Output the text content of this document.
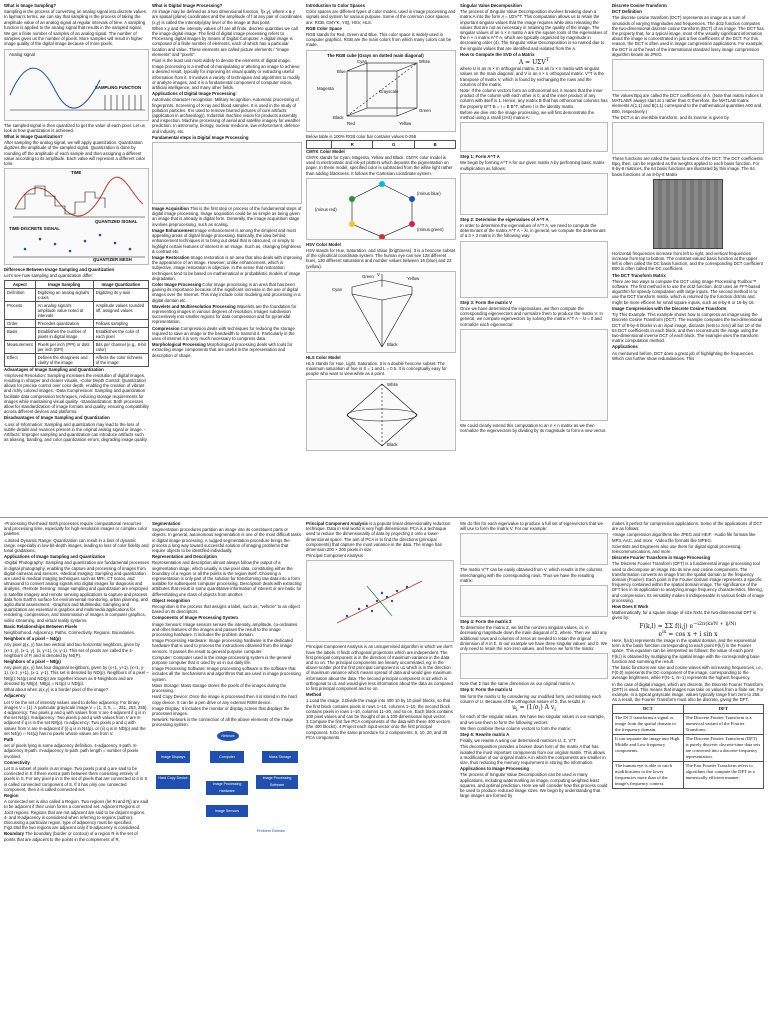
What is Image Sampling?

Sampling is the process of converting an analog signal into discrete values. In layman's terms, we can say that sampling is the process of taking the amplitude value of an analog signal at regular intervals of time. A sampling function is applied to the analog signal that results in the sampled signal.

We get a finite number of samples of an analog signal. The number of samples gives us the number of pixels. More samples will result in higher image quality of the digital image because of more pixels.

Analog signal
SAMPLING FUNCTION

The sampled signal is then quantized to get the value of each pixel. Let us look at how quantization is achieved.

What is Image Quantization?

After sampling the analog signal, we will apply quantization. Quantization digitizes the amplitude of the sampled signal. Quantization is done by rounding off the amplitude of each sample and then assigning a different value according to its amplitude. Each value will represent a different color tone.

TIME
QUANTIZED SIGNAL
TIME-DISCRETE SIGNAL
QUANTIZER MESH

Difference Between Image Sampling and Quantization

Let's see how sampling and quantization differ:

Aspect	Image Sampling	Image Quantization
Definition	Digitizing an analog signal's x-axis	Digitizing its y-axis
Process	An analog signal's amplitude value noted at intervals	Amplitude values rounded off, assigned values
Order	Precedes quantization	Follows sampling
Basis	Establishes the number of pixels in digital image	Establishes the color of each pixel
Measurement	Pixels per inch (PPI) or dots per inch (DPI)	Bits per channel (e.g., 8-bit color)
Effect	Defines the sharpness and clarity of the image	Affects the color richness of the image

Advantages of Image Sampling and Quantization

-Improved Resolution: Sampling increases the resolution of digital images, resulting in sharper and clearer visuals. -Color Depth Control: Quantization allows for precise control over color depth, enabling the creation of vibrant and richly colored images. -Data Compression: Sampling and quantization facilitate data compression techniques, reducing storage requirements for images while maintaining visual quality. -Standardization: Both processes allow for standardization of image formats and quality, ensuring compatibility across different devices and platforms.

Disadvantages of Image Sampling and Quantization

-Loss of Information: Sampling and quantization may lead to the loss of subtle details and nuances present in the original analog signal or image. -Artifacts: Improper sampling and quantization can introduce artifacts such as aliasing, banding, and color quantization errors, degrading image quality.

What is Digital Image Processing?

An image may be defined as a two dimensional function, f(x,y), where x & y are spatial (plane) coordinates and the amplitude of f at any pair of coordinates (x,y) is called the intensity/gray level of the image at that point.

When x,y and the intensity values of f are all finite, discrete quantities we call the image digital image. The field of digital image processing refers to Processing digital images by means of Digital Computer. A digital image is composed of a finite number of elements, each of which has a particular location and value. These elements are called picture elements / "image elements" and "pixels".

Pixel is the least unit most widely to denote the elements of digital image.

Image processing is a method of manipulating or altering an image to achieve a desired result, typically for improving its visual quality or extracting useful information from it. It involves a variety of techniques and algorithms to modify or analyze images, and it is a fundamental component of computer vision, artificial intelligence, and many other fields.

Applications of Digital Image Processing:

Automatic character recognition. Military recognition. Automatic processing of fingerprints. Screening of X-ray and blood samples. It is used in the study of pollution particles. It is used to remove blurred pictures of cure artifacts (application in archaeology). Industrial machine vision for products assembly and inspection. Machine processing of aerial and satellite imagery for weather prediction. In astronomy, biology, nuclear medicine, law enforcement, defence and industry, etc.

Fundamental steps in Digital Image Processing

Image Acquisition This is the first step or process of the fundamental steps of digital image processing. Image acquisition could be as simple as being given an image that is already in digital form. Generally, the image acquisition stage involves preprocessing, such as scaling.

Image Enhancement Image enhancement is among the simplest and most appealing areas of digital image processing. Basically, the idea behind enhancement techniques is to bring out detail that is obscured, or simply to highlight certain features of interest in an image. Such as, changing brightness & contrast etc.

Image Restoration Image restoration is an area that also deals with improving the appearance of an image. However, unlike enhancement, which is subjective, image restoration is objective, in the sense that restoration techniques tend to be based on mathematical or probabilistic models of image degradation.

Color Image Processing Color image processing is an area that has been gaining its importance because of the significant increase in the use of digital images over the Internet. This may include color modeling and processing in a digital domain etc.

Wavelets and Multiresolution Processing Wavelets are the foundation for representing images in various degrees of resolution. Images subdivision successively into smaller regions for data compression and for pyramidal representation.

Compression Compression deals with techniques for reducing the storage required to save an image or the bandwidth to transmit it. Particularly in the uses of internet it is very much necessary to compress data.

Morphological Processing Morphological processing deals with tools for extracting image components that are useful in the representation and description of shape.

Introduction to Color Spaces

Color spaces are different types of color modes, used in image processing and signals and system for various purpose. Some of the common color spaces are: RGB, CMY'K, YIQ, HSV, HLS.

RGB Color Space

RGB stands for Red, Green and Blue. This color space is widely used in computer graphics. RGB are the main colors from which many colors can be made.

The RGB cube (Grays on dotted main diagonal)
Blue
Cyan
Magenta
White
Black
Green
Red	Yellow
Grayscale

Below table is 100% RGB color bar contains values 0-255

	R	G	B

CMYK Color Model

CMYK stands for Cyan, Magenta, Yellow and Black. CMYK color model is used in electrostatic and ink-jet plotters which deposits the pigmentation on paper. In these model, specified color is subtracted from the white light rather than adding blackness. It follows the Cartesian coordinate system.

(minus red)
(minus blue)
(minus green)

HSV Color Model

HSV stands for Hue, Saturation, and Value (brightness). It is a hexcone subset of the cylindrical coordinate system. The human eye can see 128 different hues, 130 different saturations and number values between 16 (blue) and 23 (yellow).

V
Green	Yellow
Cyan
Black

HLS Color Model

HLS stands for Hue, Light, Saturation. It is a double hexcone subset. The maximum saturation of hue is S = 1 and L = 0.5. It is conceptually easy for people who want to view white as a point.

White
Black

Singular Value Decomposition

The process of Singular Value Decomposition involves breaking down a matrix A into the form A = UΣV^T. This computation allows us to retain the important singular values that the image requires while also releasing the values that are not as necessary in retaining the quality of the image. The singular values of an n × n matrix A are the square roots of the eigenvalues of the n × n matrix A^T A, which are typically organized by magnitude in decreasing order (4). The Singular Value Decomposition is so named due to the singular values that are identified and isolated from the A.

How to Compute the SVD of a Matrix

$A = U\Sigma V^T$

where U is an m × m orthogonal matrix, Σ is an m × n matrix with singular values on the main diagonal, and V is an n × n orthogonal matrix. V^T is the transpose of matrix V, which is found by exchanging the rows and the columns of the matrix.

Note: If the column vectors form an orthonormal set, it means that the inner product of the column with each other is 0, and the inner product of any column with itself is 1. Hence, any matrix B that has orthonormal columns has the property B^T B = I = B B^T, where I is the identity matrix.

Before we dive into the image processing, we will first demonstrate the method using a small (3×3) matrix A:

Step 1: Form A^T A

We begin by forming A^T A for our given matrix A by performing basic matrix multiplication as follows:

Step 2: Determine the eigenvalues of A^T A

In order to determine the eigenvalues of A^T A, we need to compute the determinant of the matrix A^T A − λI, in general, we compute the determinant of a 3 × 3 matrix in the following way:

Step 3: Form the matrix V

Once we have determined the eigenvalues, we then compute the corresponding eigenvectors and normalize them to produce the matrix V. In general, we compute eigenvectors by solving the matrix A^T A − λI = 0 and normalize each eigenvector.

We could clearly extend this computation to an n × n matrix as we then normalize the eigenvectors by dividing by its magnitude to form a new vector.

Discrete Cosine Transform

DCT Definition

The discrete cosine transform (DCT) represents an image as a sum of sinusoids of varying magnitudes and frequencies. The dct2 function computes the two-dimensional discrete cosine transform (DCT) of an image. The DCT has the property that, for a typical image, most of the visually significant information about the image is concentrated in just a few coefficients of the DCT. For this reason, the DCT is often used in image compression applications. For example, the DCT is at the heart of the international standard lossy image compression algorithm known as JPEG.

The values Bpq are called the DCT coefficients of A. (Note that matrix indices in MATLAB® always start at 1 rather than 0; therefore, the MATLAB matrix elements A(1,1) and B(1,1) correspond to the mathematical quantities A00 and B00, respectively.)

The DCT is an invertible transform, and its inverse is given by

These functions are called the basis functions of the DCT. The DCT coefficients Bpq, then, can be regarded as the weights applied to each basis function. For 8-by-8 matrices, the 64 basis functions are illustrated by this image. The 64 basis functions of an 8-by-8 Matrix

Horizontal frequencies increase from left to right, and vertical frequencies increase from top to bottom. The constant-valued basis function at the upper left is often called the DC basis function, and the corresponding DCT coefficient B00 is often called the DC coefficient.

The DCT Transform Matrix

There are two ways to compute the DCT using Image Processing Toolbox™ software. The first method is to use the dct2 function. dct2 uses an FFT-based algorithm for speedy computation with large inputs. The second method is to use the DCT transform matrix, which is returned by the function dctmtx and might be more efficient for small square inputs, such as 8-by-8 or 16-by-16.

Image Compression with the Discrete Cosine Transform

Try This Example. This example shows how to compress an image using the Discrete Cosine Transform (DCT). The example computes the two-dimensional DCT of 8-by-8 blocks in an input image, discards (sets to zero) all but 10 of the 64 DCT coefficients in each block, and then reconstructs the image using the two-dimensional inverse DCT of each block. The example uses the transform matrix computation method.

Applications

As mentioned before, DCT does a great job of highlighting the frequencies. Which can further show redundancies. This

-Processing Overhead: Both processes require computational resources and processing time, especially for high-resolution images or complex color palettes.

-Limited Dynamic Range: Quantization can result in a loss of dynamic range, especially in low-bit-depth images, leading to loss of color fidelity and tonal gradations.

Applications of Image Sampling and Quantization

-Digital Photography: Sampling and quantization are fundamental processes in digital photography, enabling the capture and processing of images from digital cameras and sensors. -Medical Imaging: Sampling and quantization are used in medical imaging techniques such as MRI, CT scans, and ultrasound to convert analog signals into digital images for diagnosis and analysis. -Remote Sensing: Image sampling and quantization are employed in satellite imagery and remote sensing applications to capture and process data from Earth's surface for environmental monitoring, urban planning, and agricultural assessment. -Graphics and Multimedia: Sampling and quantization are essential in graphics and multimedia applications for rendering, compression, and transmission of images in computer graphics, video streaming, and virtual reality systems.

Basic Relationships Between Pixels

Neighborhood. Adjacency. Paths. Connectivity. Regions. Boundaries.

Neighbors of a pixel – N4(p)

Any pixel p(x, y) has two vertical and two horizontal neighbors, given by (x+1, y), (x-1, y), (x, y+1), (x, y-1). This set of pixels are called the 4-neighbors of P, and is denoted by N4(P).

Neighbors of a pixel – N8(p)

Any pixel p(x, y) has four diagonal neighbors, given by (x+1, y+1), (x+1, y-1), (x-1, y+1), (x-1, y-1). This set is denoted by ND(p). Neighbors of a pixel – N8(p): N4(p) and ND(p) are together known as 8-Neighbors and are denoted by N8(p). N8(p) = N4(p) ∪ ND(p).

What about when p(x,y) is a border pixel of the image?

Adjacency

Let V be the set of intensity values used to define adjacency. For binary images V = {1}. A particular grayscale image V = {1, 3, 5, ..., 251, 253, 255}. 4-adjacency: Two pixels p and q with values from V are 4-adjacent if q is in the set N4(p). 8-adjacency: Two pixels p and q with values from V are 8-adjacent if q is in the set N8(p). m-adjacency: Two pixels p and q with values from V are m-adjacent if (i) q is in N4(p), or (ii) q is in ND(p) and the set N4(p) ∩ N4(q) has no pixels whose values are from V.

Path

set of pixels lying in some adjacency definition. 4-adjacency 4-path. 8-adjacency 8-path. m-adjacency m-path. path length = number of pixels involved.

Connectivity

Let S a subset of pixels in an image. Two pixels p and q are said to be connected in S if there exist a path between them consisting entirely of pixels in S. For any pixel p in S the set of pixels that are connected to it in S is called connected component of S. If it has only one connected component, then it is called connected set.

Region

A connected set is also called a Region. Two regions (let Ri and Rj) are said to be adjacent if their union forms a connected set. Adjacent Regions or Joint regions. Regions that are not adjacent are said to be disjoint regions. 4- and 8-adjacency is considered when referring to regions (author). Discussing a particular region, type of adjacency must be specified. Fig2.25d the two regions are adjacent only if 8-adjacency is considered.

Boundary The boundary (border or contour) of a region R is the set of points that are adjacent to the points in the complement of R.

Segmentation

Segmentation procedures partition an image into its constituent parts or objects. In general, autonomous segmentation is one of the most difficult tasks in digital image processing. A rugged segmentation procedure brings the process a long way toward successful solution of imaging problems that require objects to be identified individually.

Representation and Description

Representation and description almost always follow the output of a segmentation stage, which usually is raw pixel data, constituting either the boundary of a region or all the points in the region itself. Choosing a representation is only part of the solution for transforming raw data into a form suitable for subsequent computer processing. Description deals with extracting attributes that result in some quantitative information of interest or are basic for differentiating one class of objects from another.

Object recognition

Recognition is the process that assigns a label, such as, "vehicle" to an object based on its descriptors.

Components of Image Processing System

Image Sensors: Image sensors senses the intensity, amplitude, co-ordinates and other features of the images and passes the result to the image processing hardware. It includes the problem domain.

Image Processing Hardware: Image processing hardware is the dedicated hardware that is used to process the instructions obtained from the image sensors. It passes the result to general purpose computer.

Computer: Computer used in the image processing system is the general purpose computer that is used by us in our daily life.

Image Processing Software: Image processing software is the software that includes all the mechanisms and algorithms that are used in image processing system.

Mass Storage: Mass storage stores the pixels of the images during the processing.

Hard Copy Device: Once the image is processed then it is stored in the hard copy device. It can be a pen drive or any external ROM device.

Image Display: It includes the monitor or display screen that displays the processed images.

Network: Network is the connection of all the above elements of the image processing system.

Network
Image Displays	Computer	Mass Storage
Hard Copy Device	Image Processing Software
Image Processing Hardware
Image Sensors
Problem Domain

Principal Component Analysis is a popular linear dimensionality reduction technique. Data in real world is very high dimensional. PCA is a technique used to reduce the dimensionality of data by projecting it onto a lower-dimensional space. The aim of PCA is to find the directions (principal components) that capture the most variance in the data. The image has dimension 200 × 200 pixels in size.

Principal Component Analysis

Principal Component Analysis is an unsupervised algorithm in which we don't have the labels. It finds orthogonal projections which are independent. The first principal component is in the direction of maximum variance in the data and so on. The principal components are linearly uncorrelated, eg: in the above scatter plot the first principal component is u1 which is in the direction of maximum variance which means spread of data and would give maximum information about the data. The second principal component is u2 which is orthogonal to u1 and would give less information about the data as compared to first principal component and so on.

Method

1.Load the image. 2.Divide the image into 400 10 by 10 pixel blocks, so that the first block contains pixels in rows 1–10, columns 1–10, the second block contains pixels in rows 1–10, columns 11–20, and so on. Each block contains 100 pixel values and can be thought of as a 100-dimensional input vector. 3.Compute the first five PCA components of the data with these 400 vectors (the 400 blocks). 4.Project each input vector onto the first principal component. 5.Do the same procedure for 2 components, 5, 10, 20, and 30 PCA components.

We do this for each eigenvalue to produce a full set of eigenvectors that we will use to form the matrix V. For our example:

The matrix V^T can be easily obtained from V, which results in the columns interchanging with the corresponding rows. Thus we have the resulting matrix:

Step 4: Form the matrix Σ

To determine the matrix Σ, we list the nonzero singular values, σi, in decreasing magnitude down the main diagonal of Σ, where. Then we add any additional rows and columns of zeros as needed to retain the original dimension of A in Σ. In our example we have three singular values: and 0. We only need to retain the non-zero values, and hence we form the matrix:

Note that Σ has the same dimension as our original matrix A.

Step 5: Form the matrix U

We form the matrix U by considering our modified form, and isolating each column of U. Because of the orthogonal nature of Σ, this results in

$u_i = (1/\sigma_i)$ A $v_i$

for each of the singular values. We have two singular values in our example, and we use them to form the following vectors:

We then combine these column vectors to form the matrix:

Step 6: Rewrite matrix A

Finally, we rewrite A using our determined matrices U, Σ, V^T.

This decomposition provides a broken down form of the matrix A that has isolated the most important components from our original matrix. This allows a modification of our original matrix A in which the components are smaller in size, thus reducing the memory requirement in storing the information.

Applications to Image Processing

The process of Singular Value Decomposition can be used in many applications, including watermarking an image, computing weighted least squares, and optimal prediction. Here we will consider how this process could be used to produce reduced image sizes. We begin by understanding that large images are formed by

makes it perfect for compression applications. Some of the applications of DCT are as follows:

-Image compression algorithms like JPEG and HEIF. -Audio file formats like MP3, AAC, and more. -Video file formats like MPEG.

Scientists and Engineers also use them for digital signal processing, telecommunications, and more.

Discrete Fourier Transform in Image Processing

The Discrete Fourier Transform (DFT) is a fundamental image processing tool used to decompose an image into its sine and cosine components. The transformation converts an image from the spatial domain to the frequency domain (Fourier). Each point in the Fourier domain image represents a specific frequency contained within the spatial domain image. The significance of the DFT lies in its application to analyzing image frequency characteristics, filtering, and compression. Its versatility makes it indispensable in various fields of image processing.

How Does It Work

Mathematically, for a square image of size NxN, the two-dimensional DFT is given by:

F(k,l) = ΣΣ f(i,j) $e^{-i2\pi(ki/N + lj/N)}$

$e^{ix} = \cos x + i$ sin x

Here, f(a,b) represents the image in the spatial domain, and the exponential term is the basis function corresponding to each point F(k,l) in the Fourier space. This equation can be interpreted as follows: the value of each point F(k,l) is obtained by multiplying the spatial image with the corresponding base function and summing the result.

The basic functions are sine and cosine waves with increasing frequencies, i.e., F(0,0) represents the DC-component of the image, corresponding to the average brightness, while F(N−1, N−1) represents the highest frequency.

In the case of digital images, which are discrete, the Discrete Fourier Transform (DFT) is used. This means that images now take on values from a finite set. For example, in a typical grayscale image, values typically range from zero to 255. As a result, the Fourier Transform must also be discrete, giving the DFT.

DCT	DFT
The DCT transforms a signal or image from the spatial domain to the frequency domain.	The Discrete Fourier Transform is a numerical variant of the Fourier Transform.
It can separate the image into High, Middle and Low frequency components.	The Discrete Fourier Transform (DFT) is purely discrete: discrete-time data sets are converted into a discrete-frequency representation.
The human eye is able to catch modifications to the lower frequencies more than of the image's frequency context.	The Fast Fourier Transform refers to algorithms that compute the DFT in a numerically efficient manner.
